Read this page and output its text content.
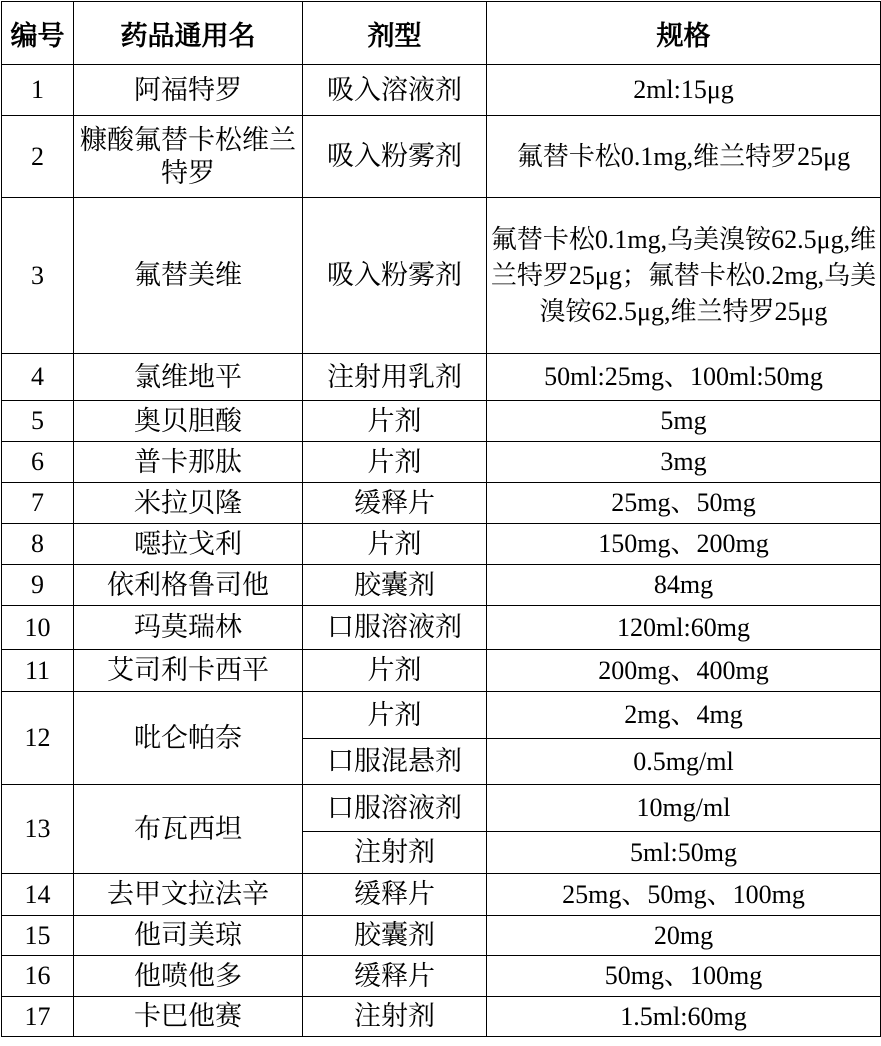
编号	药品通用名	剂型	规格
1	阿福特罗	吸入溶液剂	2ml:15μg
2	糠酸氟替卡松维兰特罗	吸入粉雾剂	氟替卡松0.1mg,维兰特罗25μg
3	氟替美维	吸入粉雾剂	氟替卡松0.1mg,乌美溴铵62.5μg,维兰特罗25μg；氟替卡松0.2mg,乌美溴铵62.5μg,维兰特罗25μg
4	氯维地平	注射用乳剂	50ml:25mg、100ml:50mg
5	奥贝胆酸	片剂	5mg
6	普卡那肽	片剂	3mg
7	米拉贝隆	缓释片	25mg、50mg
8	噁拉戈利	片剂	150mg、200mg
9	依利格鲁司他	胶囊剂	84mg
10	玛莫瑞林	口服溶液剂	120ml:60mg
11	艾司利卡西平	片剂	200mg、400mg
12	吡仑帕奈	片剂	2mg、4mg
		口服混悬剂	0.5mg/ml
13	布瓦西坦	口服溶液剂	10mg/ml
		注射剂	5ml:50mg
14	去甲文拉法辛	缓释片	25mg、50mg、100mg
15	他司美琼	胶囊剂	20mg
16	他喷他多	缓释片	50mg、100mg
17	卡巴他赛	注射剂	1.5ml:60mg
